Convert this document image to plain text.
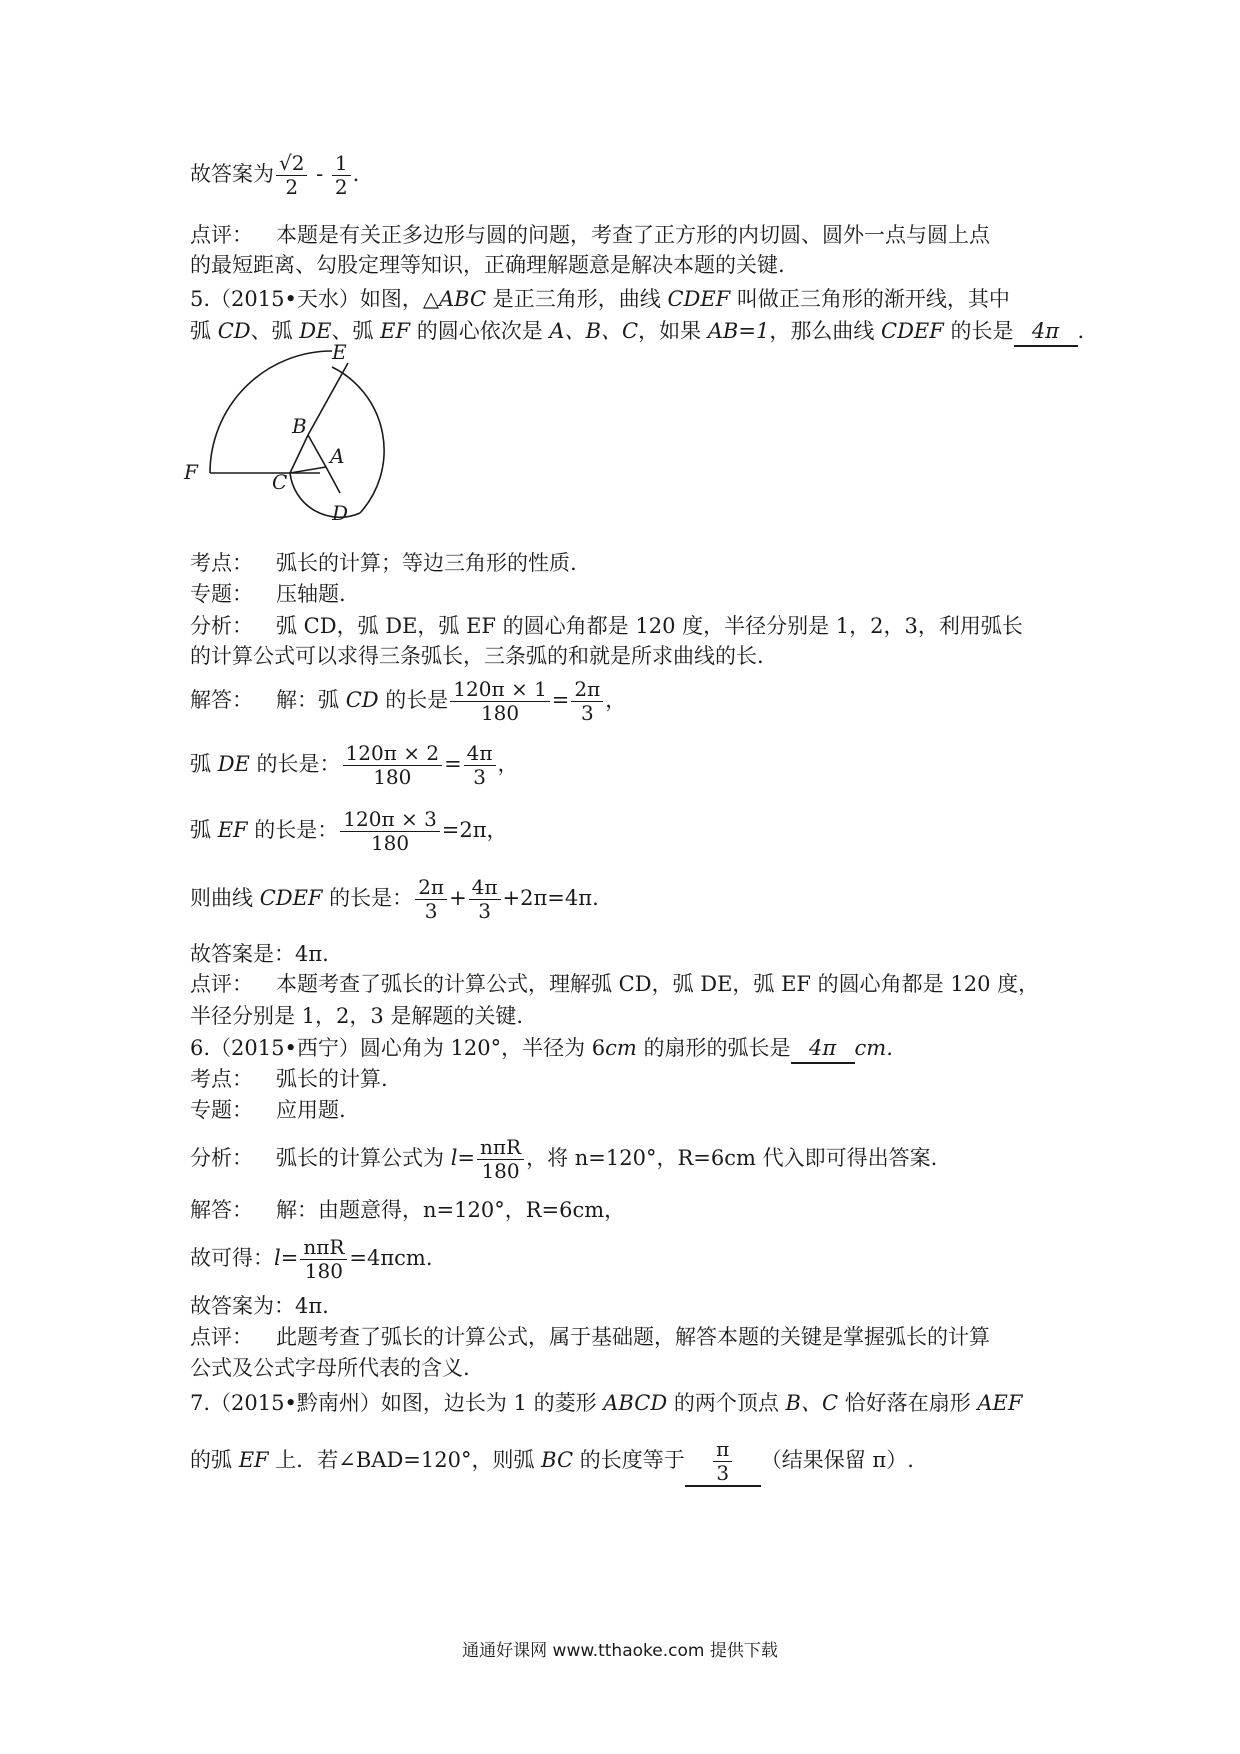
故答案为 $\frac{√2}{2} - \frac{1}{2}$ .
点评： 本题是有关正多边形与圆的问题，考查了正方形的内切圆、圆外一点与圆上点
的最短距离、勾股定理等知识，正确理解题意是解决本题的关键.
5.（2015•天水）如图，△ABC 是正三角形，曲线 CDEF 叫做正三角形的渐开线，其中
弧 CD、弧 DE、弧 EF 的圆心依次是 A、B、C，如果 AB=1，那么曲线 CDEF 的长是 4π .
E
B
A
F	C
D
考点： 弧长的计算；等边三角形的性质.
专题： 压轴题.
分析： 弧 CD，弧 DE，弧 EF 的圆心角都是 120 度，半径分别是 1，2，3，利用弧长
的计算公式可以求得三条弧长，三条弧的和就是所求曲线的长.
解答： 解：弧 CD 的长是 $\frac{120\pi \times 1}{180} = \frac{2\pi}{3}$ ，
弧 DE 的长是： $\frac{120\pi \times 2}{180} = \frac{4\pi}{3}$ ，
弧 EF 的长是： $\frac{120\pi \times 3}{180} =2\pi$，
则曲线 CDEF 的长是： $\frac{2\pi}{3} + \frac{4\pi}{3} +2\pi=4\pi$.
故答案是：4π.
点评： 本题考查了弧长的计算公式，理解弧 CD，弧 DE，弧 EF 的圆心角都是 120 度，
半径分别是 1，2，3 是解题的关键.
6.（2015•西宁）圆心角为 120°，半径为 6cm 的扇形的弧长是 4π cm.
考点： 弧长的计算.
专题： 应用题.
分析： 弧长的计算公式为 $l= \frac{\text{nπR}}{180}$ ，将 n=120°，R=6cm 代入即可得出答案.
解答： 解：由题意得，n=120°，R=6cm，
故可得：$l= \frac{\text{nπR}}{180} =4\pi cm$.
故答案为：4π.
点评： 此题考查了弧长的计算公式，属于基础题，解答本题的关键是掌握弧长的计算
公式及公式字母所代表的含义.
7.（2015•黔南州）如图，边长为 1 的菱形 ABCD 的两个顶点 B、C 恰好落在扇形 AEF
的弧 EF 上．若∠BAD=120°，则弧 BC 的长度等于 $\frac{\pi}{3}$ （结果保留 π）.
通通好课网 www.tthaoke.com 提供下载
